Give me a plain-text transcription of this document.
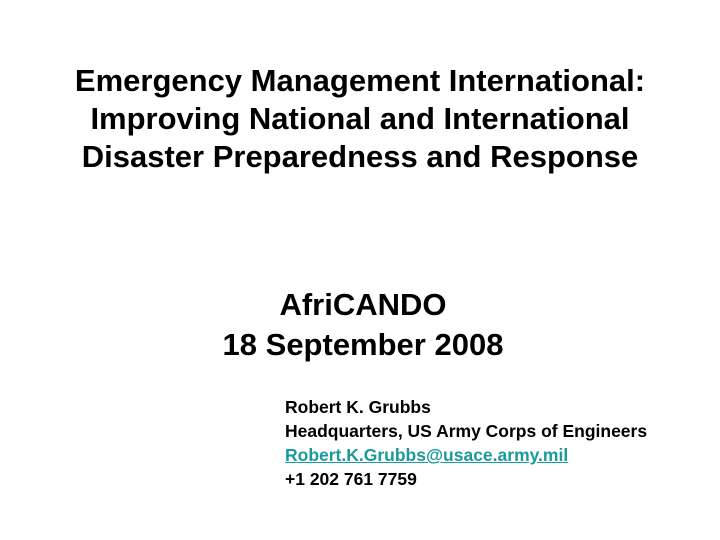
Emergency Management International:
Improving National and International
Disaster Preparedness and Response
AfriCANDO
18 September 2008
Robert K. Grubbs
Headquarters, US Army Corps of Engineers
Robert.K.Grubbs@usace.army.mil
+1 202 761 7759
